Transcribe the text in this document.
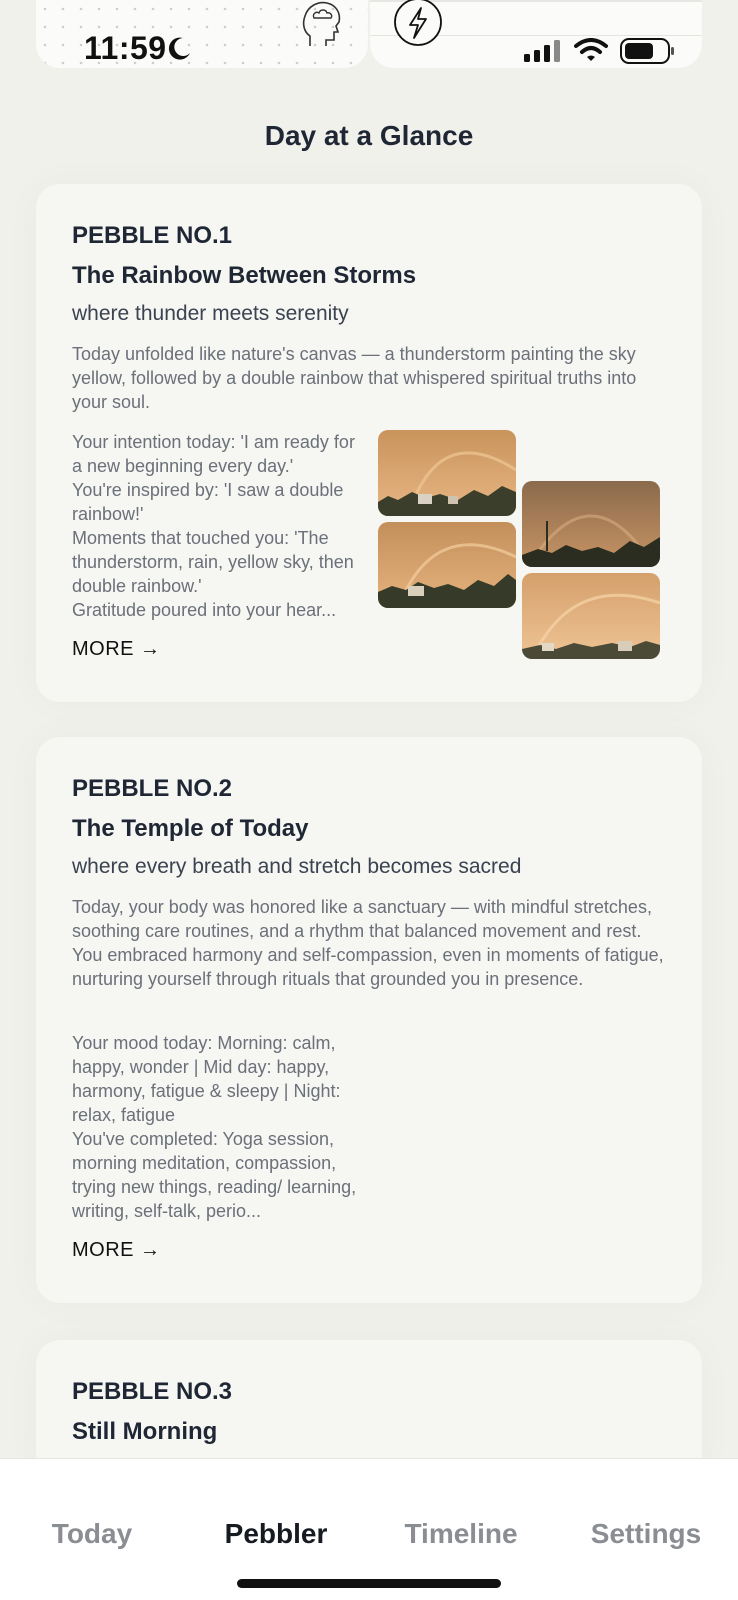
11:59
Day at a Glance
PEBBLE NO.1
The Rainbow Between Storms
where thunder meets serenity
Today unfolded like nature's canvas — a thunderstorm painting the sky yellow, followed by a double rainbow that whispered spiritual truths into your soul.
Your intention today: 'I am ready for a new beginning every day.'
You're inspired by: 'I saw a double rainbow!'
Moments that touched you: 'The thunderstorm, rain, yellow sky, then double rainbow.'
Gratitude poured into your hear...
MORE →
PEBBLE NO.2
The Temple of Today
where every breath and stretch becomes sacred
Today, your body was honored like a sanctuary — with mindful stretches, soothing care routines, and a rhythm that balanced movement and rest. You embraced harmony and self-compassion, even in moments of fatigue, nurturing yourself through rituals that grounded you in presence.
Your mood today: Morning: calm, happy, wonder | Mid day: happy, harmony, fatigue & sleepy | Night: relax, fatigue
You've completed: Yoga session, morning meditation, compassion, trying new things, reading/ learning, writing, self-talk, perio...
MORE →
PEBBLE NO.3
Still Morning
Today	Pebbler	Timeline	Settings
